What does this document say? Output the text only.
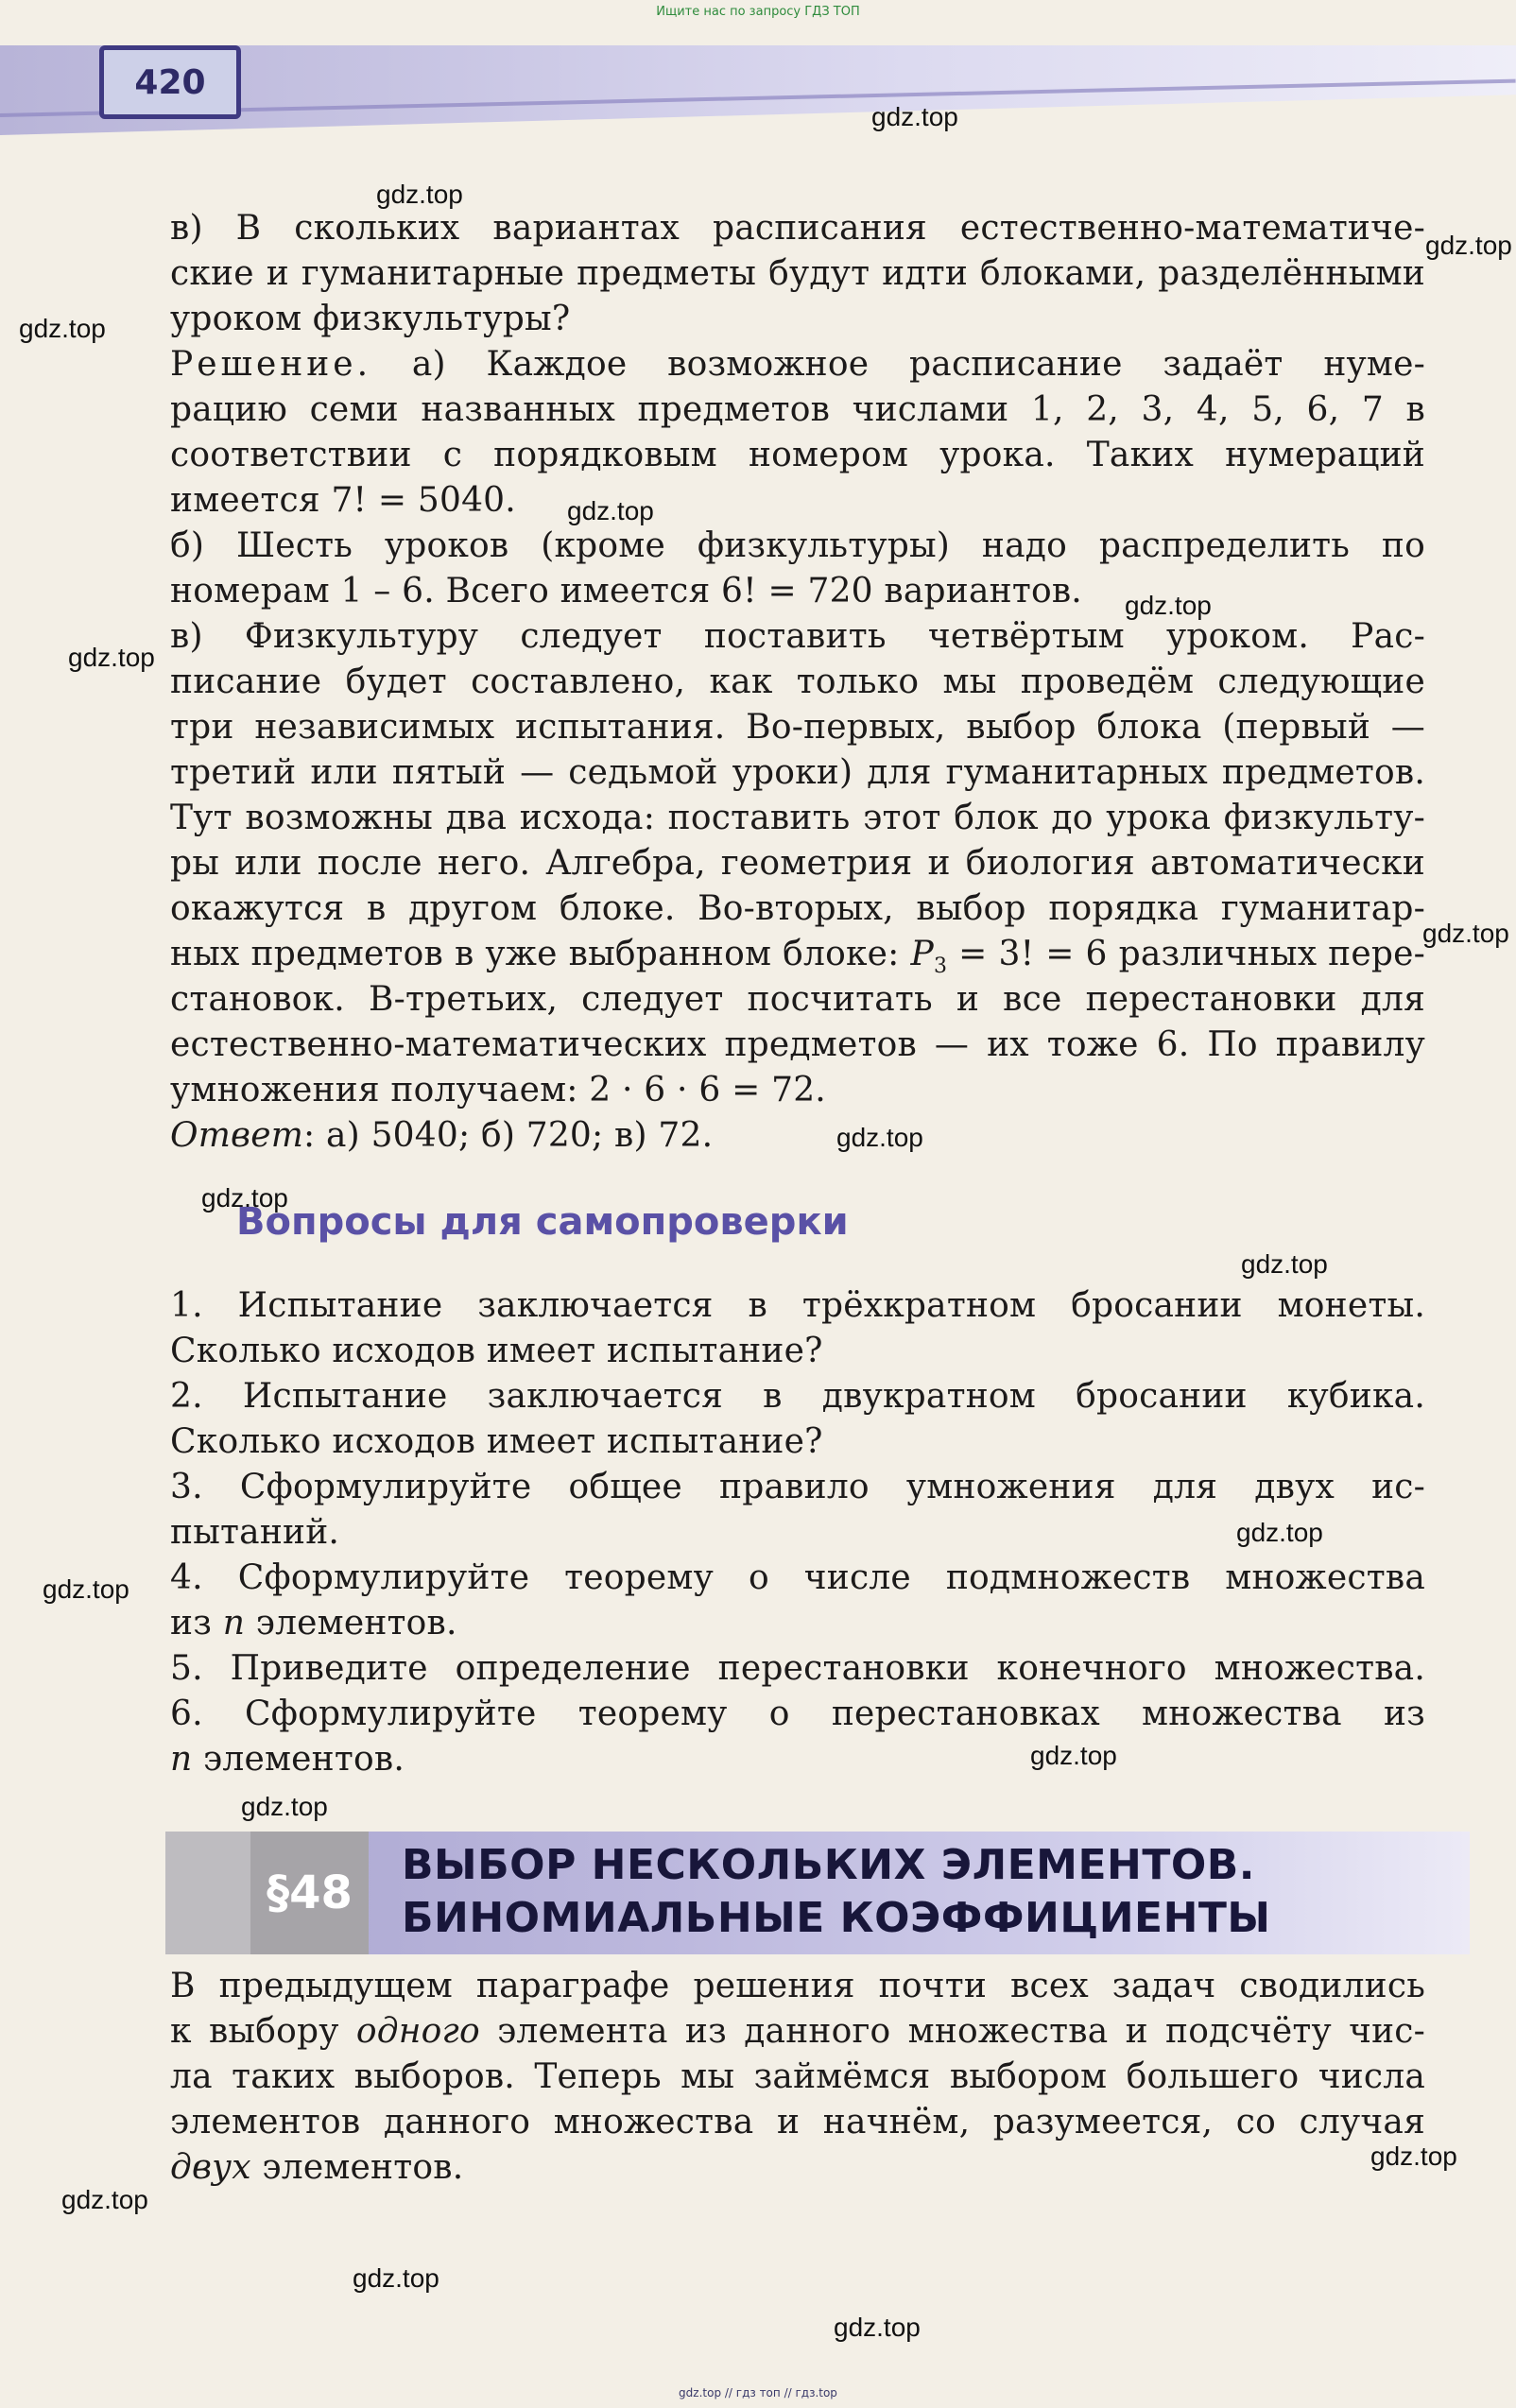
Ищите нас по запросу ГДЗ ТОП
420
в) В скольких вариантах расписания естественно-математиче-
ские и гуманитарные предметы будут идти блоками, разделёнными
уроком физкультуры?
Решение. а) Каждое возможное расписание задаёт нуме-
рацию семи названных предметов числами 1, 2, 3, 4, 5, 6, 7 в
соответствии с порядковым номером урока. Таких нумераций
имеется 7! = 5040.
б) Шесть уроков (кроме физкультуры) надо распределить по
номерам 1 – 6. Всего имеется 6! = 720 вариантов.
в) Физкультуру следует поставить четвёртым уроком. Рас-
писание будет составлено, как только мы проведём следующие
три независимых испытания. Во-первых, выбор блока (первый —
третий или пятый — седьмой уроки) для гуманитарных предметов.
Тут возможны два исхода: поставить этот блок до урока физкульту-
ры или после него. Алгебра, геометрия и биология автоматически
окажутся в другом блоке. Во-вторых, выбор порядка гуманитар-
ных предметов в уже выбранном блоке: $P_3 = 3$! = 6 различных пере-
становок. В-третьих, следует посчитать и все перестановки для
естественно-математических предметов — их тоже 6. По правилу
умножения получаем: 2 · 6 · 6 = 72.
Ответ: а) 5040; б) 720; в) 72.
Вопросы для самопроверки
1. Испытание заключается в трёхкратном бросании монеты.
Сколько исходов имеет испытание?
2. Испытание заключается в двукратном бросании кубика.
Сколько исходов имеет испытание?
3. Сформулируйте общее правило умножения для двух ис-
пытаний.
4. Сформулируйте теорему о числе подмножеств множества
из n элементов.
5. Приведите определение перестановки конечного множества.
6. Сформулируйте теорему о перестановках множества из
n элементов.
§48
ВЫБОР НЕСКОЛЬКИХ ЭЛЕМЕНТОВ.
БИНОМИАЛЬНЫЕ КОЭФФИЦИЕНТЫ
В предыдущем параграфе решения почти всех задач сводились
к выбору одного элемента из данного множества и подсчёту чис-
ла таких выборов. Теперь мы займёмся выбором большего числа
элементов данного множества и начнём, разумеется, со случая
двух элементов.
gdz.top
gdz.top
gdz.top
gdz.top
gdz.top
gdz.top
gdz.top
gdz.top
gdz.top
gdz.top
gdz.top
gdz.top
gdz.top
gdz.top
gdz.top
gdz.top
gdz.top
gdz.top
gdz.top
gdz.top // гдз топ // гдз.top
